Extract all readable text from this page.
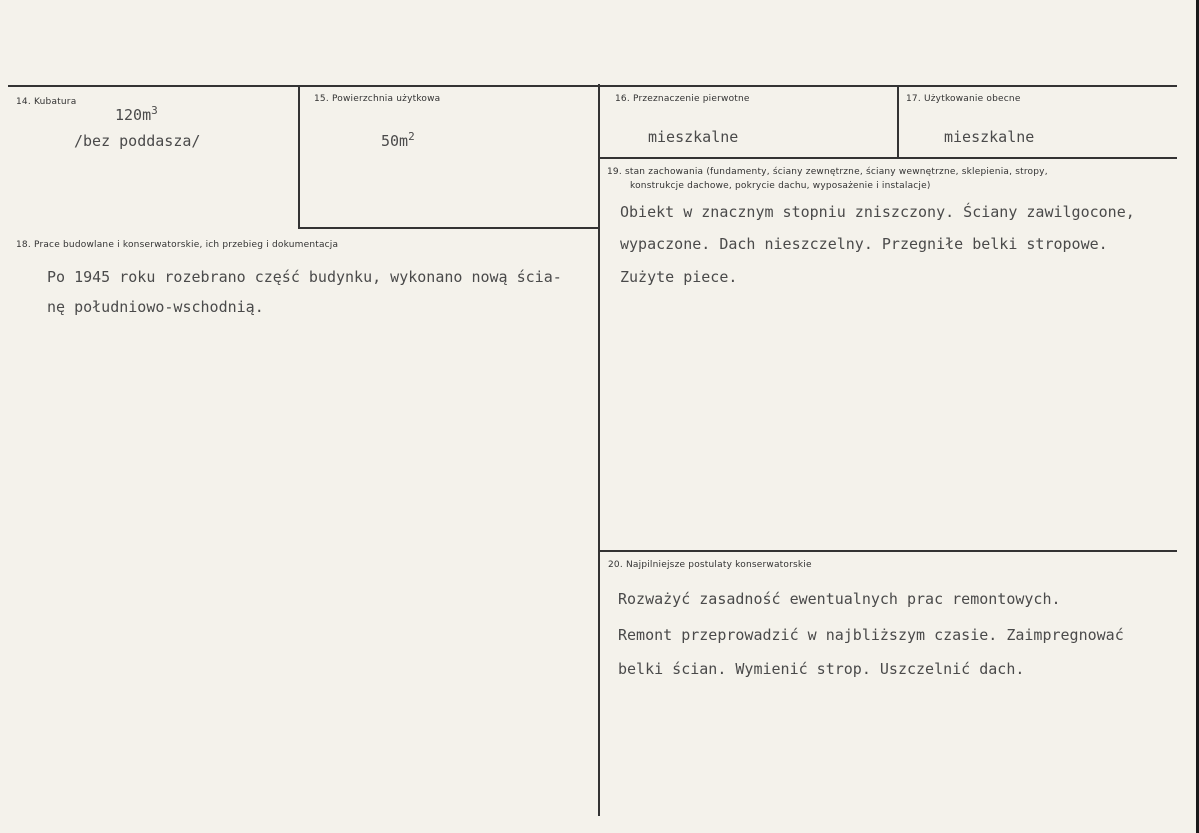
14. Kubatura
$120m^3$
/bez poddasza/
15. Powierzchnia użytkowa
$50m^2$
16. Przeznaczenie pierwotne
mieszkalne
17. Użytkowanie obecne
mieszkalne
18. Prace budowlane i konserwatorskie, ich przebieg i dokumentacja
Po 1945 roku rozebrano część budynku, wykonano nową ścia-
nę południowo-wschodnią.
19. stan zachowania (fundamenty, ściany zewnętrzne, ściany wewnętrzne, sklepienia, stropy,
konstrukcje dachowe, pokrycie dachu, wyposażenie i instalacje)
Obiekt w znacznym stopniu zniszczony. Ściany zawilgocone,
wypaczone. Dach nieszczelny. Przegniłe belki stropowe.
Zużyte piece.
20. Najpilniejsze postulaty konserwatorskie
Rozważyć zasadność ewentualnych prac remontowych.
Remont przeprowadzić w najbliższym czasie. Zaimpregnować
belki ścian. Wymienić strop. Uszczelnić dach.
